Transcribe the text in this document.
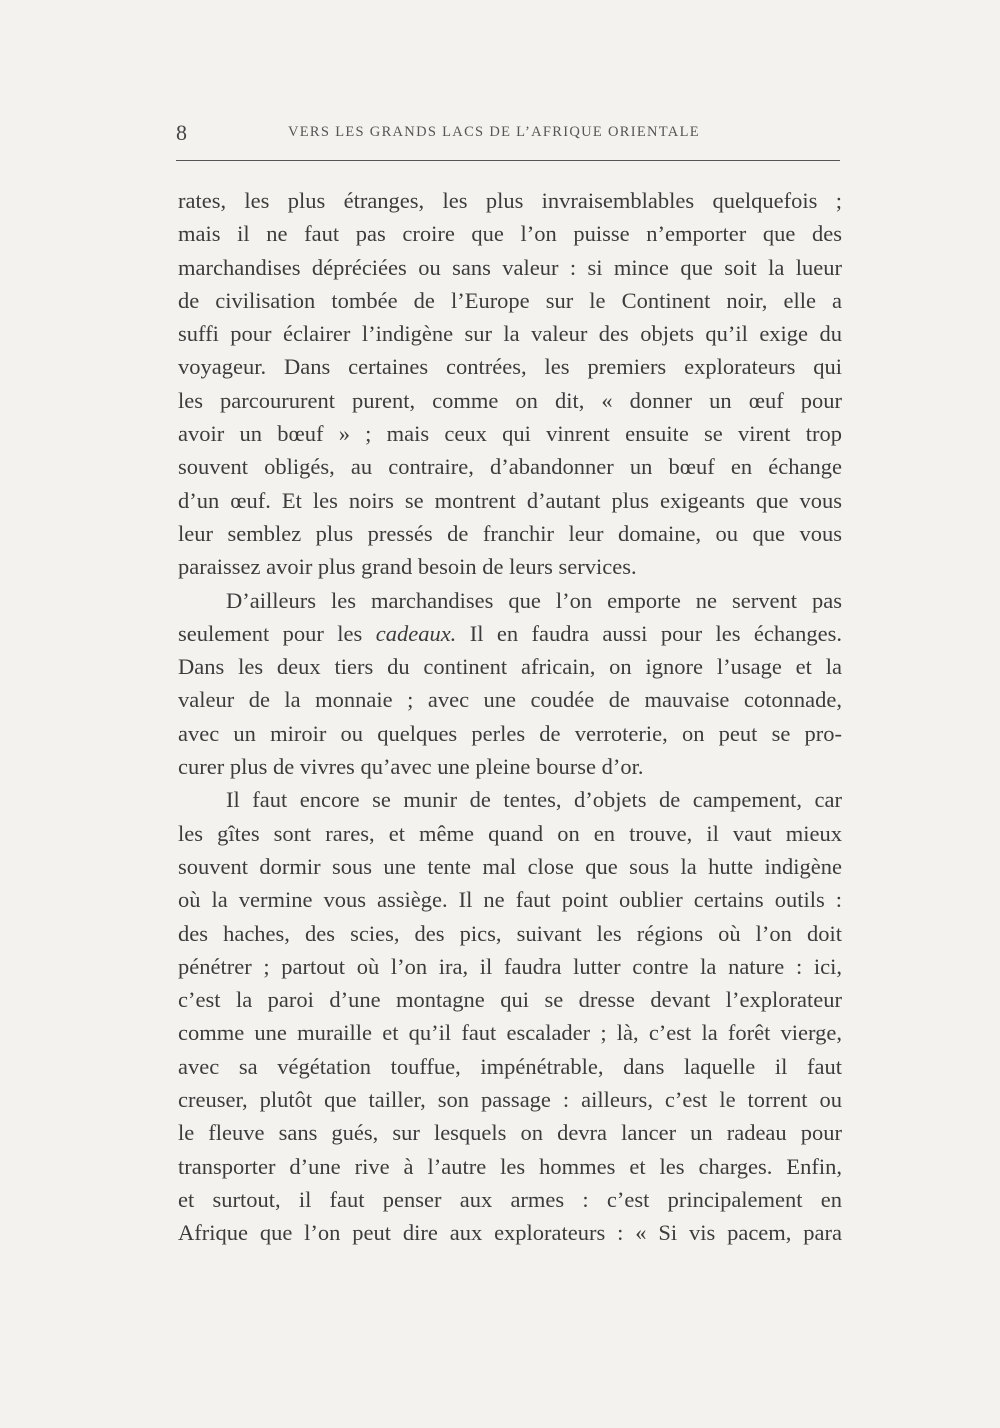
8	VERS LES GRANDS LACS DE L’AFRIQUE ORIENTALE
rates, les plus étranges, les plus invraisemblables quelquefois ;
mais il ne faut pas croire que l’on puisse n’emporter que des
marchandises dépréciées ou sans valeur : si mince que soit la lueur
de civilisation tombée de l’Europe sur le Continent noir, elle a
suffi pour éclairer l’indigène sur la valeur des objets qu’il exige du
voyageur. Dans certaines contrées, les premiers explorateurs qui
les parcoururent purent, comme on dit, « donner un œuf pour
avoir un bœuf » ; mais ceux qui vinrent ensuite se virent trop
souvent obligés, au contraire, d’abandonner un bœuf en échange
d’un œuf. Et les noirs se montrent d’autant plus exigeants que vous
leur semblez plus pressés de franchir leur domaine, ou que vous
paraissez avoir plus grand besoin de leurs services.
D’ailleurs les marchandises que l’on emporte ne servent pas
seulement pour les cadeaux. Il en faudra aussi pour les échanges.
Dans les deux tiers du continent africain, on ignore l’usage et la
valeur de la monnaie ; avec une coudée de mauvaise cotonnade,
avec un miroir ou quelques perles de verroterie, on peut se pro-
curer plus de vivres qu’avec une pleine bourse d’or.
Il faut encore se munir de tentes, d’objets de campement, car
les gîtes sont rares, et même quand on en trouve, il vaut mieux
souvent dormir sous une tente mal close que sous la hutte indigène
où la vermine vous assiège. Il ne faut point oublier certains outils :
des haches, des scies, des pics, suivant les régions où l’on doit
pénétrer ; partout où l’on ira, il faudra lutter contre la nature : ici,
c’est la paroi d’une montagne qui se dresse devant l’explorateur
comme une muraille et qu’il faut escalader ; là, c’est la forêt vierge,
avec sa végétation touffue, impénétrable, dans laquelle il faut
creuser, plutôt que tailler, son passage : ailleurs, c’est le torrent ou
le fleuve sans gués, sur lesquels on devra lancer un radeau pour
transporter d’une rive à l’autre les hommes et les charges. Enfin,
et surtout, il faut penser aux armes : c’est principalement en
Afrique que l’on peut dire aux explorateurs : « Si vis pacem, para
